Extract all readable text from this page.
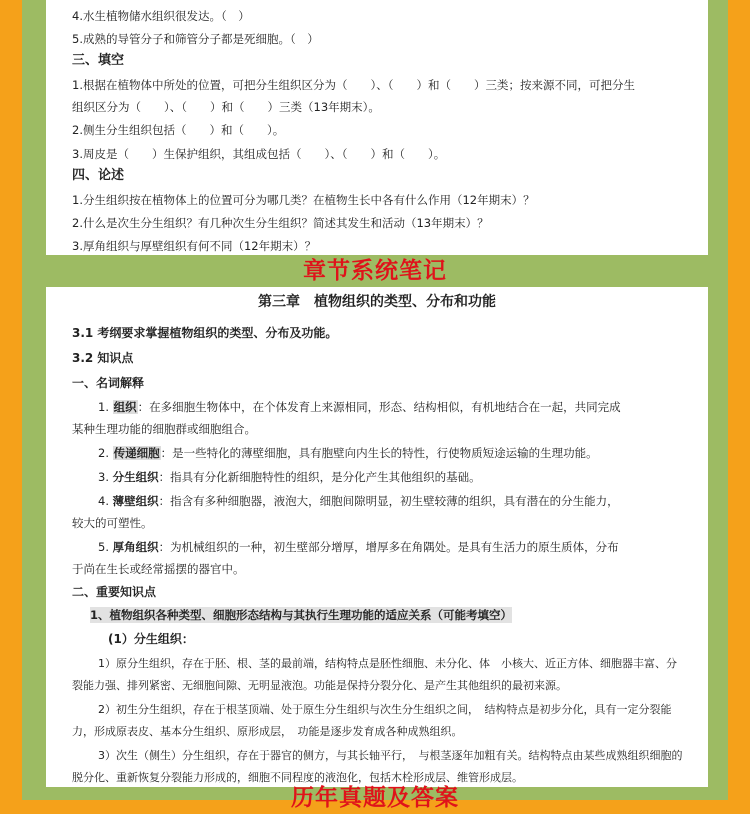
4.水生植物储水组织很发达。（　）
5.成熟的导管分子和筛管分子都是死细胞。（　）
三、填空
1.根据在植物体中所处的位置，可把分生组织区分为（　　）、（　　）和（　　）三类；按来源不同，可把分生
组织区分为（　　）、（　　）和（　　）三类（13年期末）。
2.侧生分生组织包括（　　）和（　　）。
3.周皮是（　　）生保护组织，其组成包括（　　）、（　　）和（　　）。
四、论述
1.分生组织按在植物体上的位置可分为哪几类？在植物生长中各有什么作用（12年期末）？
2.什么是次生分生组织？有几种次生分生组织？简述其发生和活动（13年期末）？
3.厚角组织与厚壁组织有何不同（12年期末）？
章节系统笔记
第三章　植物组织的类型、分布和功能
3.1 考纲要求掌握植物组织的类型、分布及功能。
3.2 知识点
一、名词解释
1. 组织：在多细胞生物体中，在个体发育上来源相同，形态、结构相似，有机地结合在一起，共同完成
某种生理功能的细胞群或细胞组合。
2. 传递细胞：是一些特化的薄壁细胞，具有胞壁向内生长的特性，行使物质短途运输的生理功能。
3. 分生组织：指具有分化新细胞特性的组织，是分化产生其他组织的基础。
4. 薄壁组织：指含有多种细胞器，液泡大，细胞间隙明显，初生壁较薄的组织，具有潜在的分生能力，
较大的可塑性。
5. 厚角组织：为机械组织的一种，初生壁部分增厚，增厚多在角隅处。是具有生活力的原生质体，分布
于尚在生长或经常摇摆的器官中。
二、重要知识点
1、植物组织各种类型、细胞形态结构与其执行生理功能的适应关系（可能考填空）
(1）分生组织：
1）原分生组织，存在于胚、根、茎的最前端，结构特点是胚性细胞、未分化、体　小核大、近正方体、细胞器丰富、分
裂能力强、排列紧密、无细胞间隙、无明显液泡。功能是保持分裂分化、是产生其他组织的最初来源。
2）初生分生组织，存在于根茎顶端、处于原生分生组织与次生分生组织之间，　结构特点是初步分化，具有一定分裂能
力，形成原表皮、基本分生组织、原形成层，　功能是逐步发育成各种成熟组织。
3）次生（侧生）分生组织，存在于器官的侧方，与其长轴平行，　与根茎逐年加粗有关。结构特点由某些成熟组织细胞的
脱分化、重新恢复分裂能力形成的，细胞不同程度的液泡化，包括木栓形成层、维管形成层。
历年真题及答案
